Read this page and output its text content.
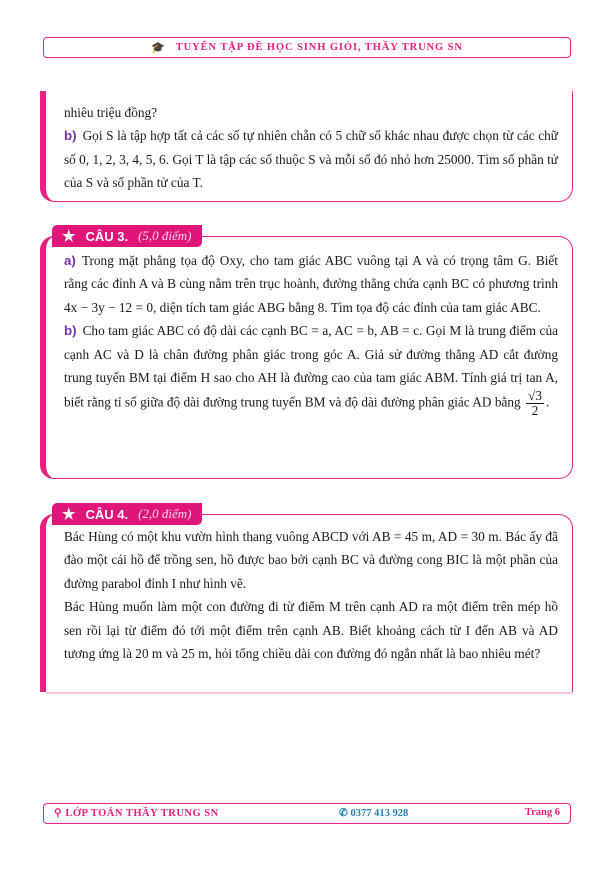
🎓 TUYỂN TẬP ĐỀ HỌC SINH GIỎI, THẦY TRUNG SN

nhiêu triệu đồng?

b) Gọi S là tập hợp tất cả các số tự nhiên chẵn có 5 chữ số khác nhau được chọn từ các chữ số 0, 1, 2, 3, 4, 5, 6. Gọi T là tập các số thuộc S và mỗi số đó nhỏ hơn 25000. Tìm số phần tử của S và số phần tử của T.

★ CÂU 3. (5,0 điểm)

a) Trong mặt phẳng tọa độ Oxy, cho tam giác ABC vuông tại A và có trọng tâm G. Biết rằng các đỉnh A và B cùng nằm trên trục hoành, đường thẳng chứa cạnh BC có phương trình 4x − 3y − 12 = 0, diện tích tam giác ABG bằng 8. Tìm tọa độ các đỉnh của tam giác ABC.

b) Cho tam giác ABC có độ dài các cạnh BC = a, AC = b, AB = c. Gọi M là trung điểm của cạnh AC và D là chân đường phân giác trong góc A. Giả sử đường thẳng AD cắt đường trung tuyến BM tại điểm H sao cho AH là đường cao của tam giác ABM. Tính giá trị tan A, biết rằng tỉ số giữa độ dài đường trung tuyến BM và độ dài đường phân giác AD bằng $\frac{√3}{2}$ .

★ CÂU 4. (2,0 điểm)

Bác Hùng có một khu vườn hình thang vuông ABCD với AB = 45 m, AD = 30 m. Bác ấy đã đào một cái hồ để trồng sen, hồ được bao bởi cạnh BC và đường cong BIC là một phần của đường parabol đỉnh I như hình vẽ.

Bác Hùng muốn làm một con đường đi từ điểm M trên cạnh AD ra một điểm trên mép hồ sen rồi lại từ điểm đó tới một điểm trên cạnh AB. Biết khoảng cách từ I đến AB và AD tương ứng là 20 m và 25 m, hỏi tổng chiều dài con đường đó ngắn nhất là bao nhiêu mét?

⚲ LỚP TOÁN THẦY TRUNG SN	✆ 0377 413 928	Trang 6
